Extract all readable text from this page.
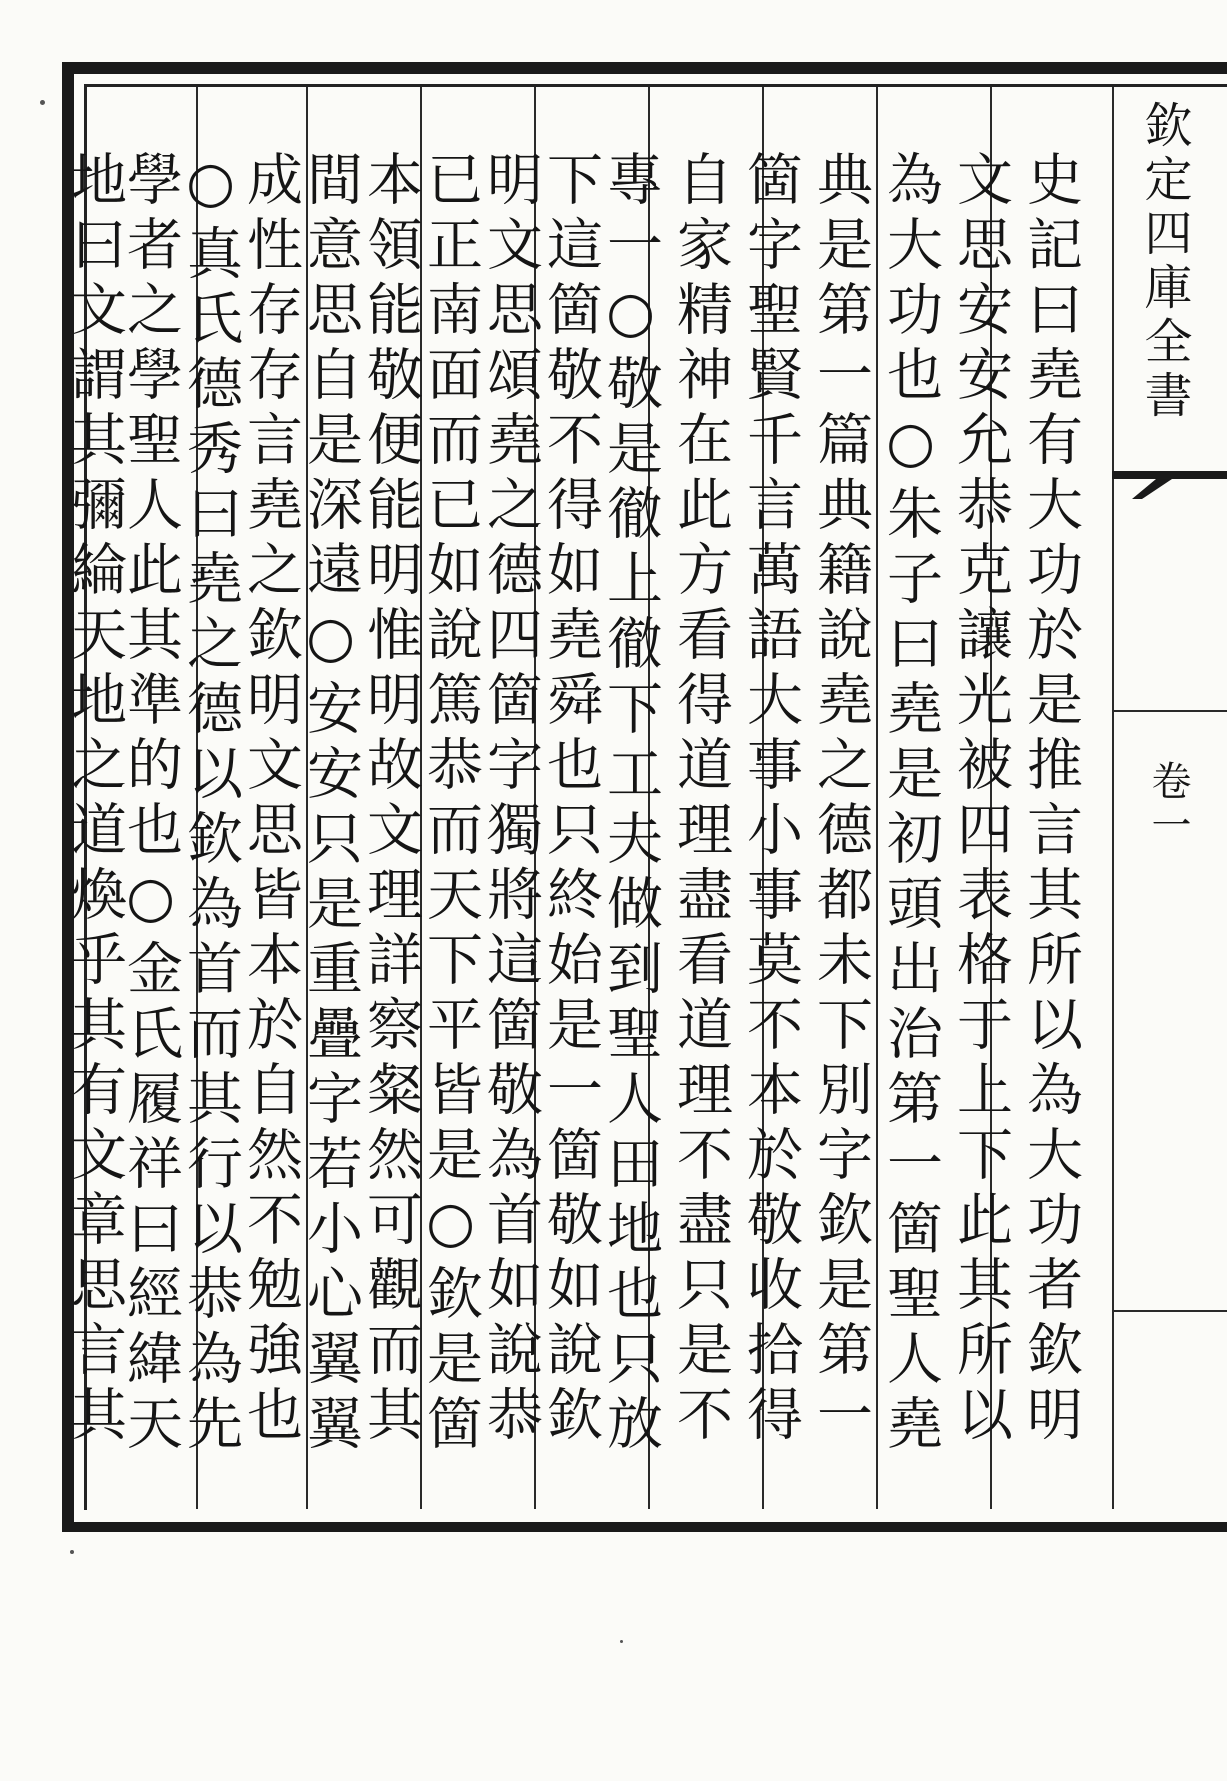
欽定四庫全書
卷一
史記曰堯有大功於是推言其所以為大功者欽明
文思安安允恭克讓光被四表格于上下此其所以
為大功也○朱子曰堯是初頭出治第一箇聖人堯
典是第一篇典籍說堯之德都未下別字欽是第一
箇字聖賢千言萬語大事小事莫不本於敬收拾得
自家精神在此方看得道理盡看道理不盡只是不
專一○敬是徹上徹下工夫做到聖人田地也只放
下這箇敬不得如堯舜也只終始是一箇敬如說欽
明文思頌堯之德四箇字獨將這箇敬為首如說恭
已正南面而已如說篤恭而天下平皆是○欽是箇
本領能敬便能明惟明故文理詳察粲然可觀而其
間意思自是深遠○安安只是重疊字若小心翼翼
成性存存言堯之欽明文思皆本於自然不勉強也
○真氏德秀曰堯之德以欽為首而其行以恭為先
學者之學聖人此其準的也○金氏履祥曰經緯天
地曰文謂其彌綸天地之道煥乎其有文章思言其
